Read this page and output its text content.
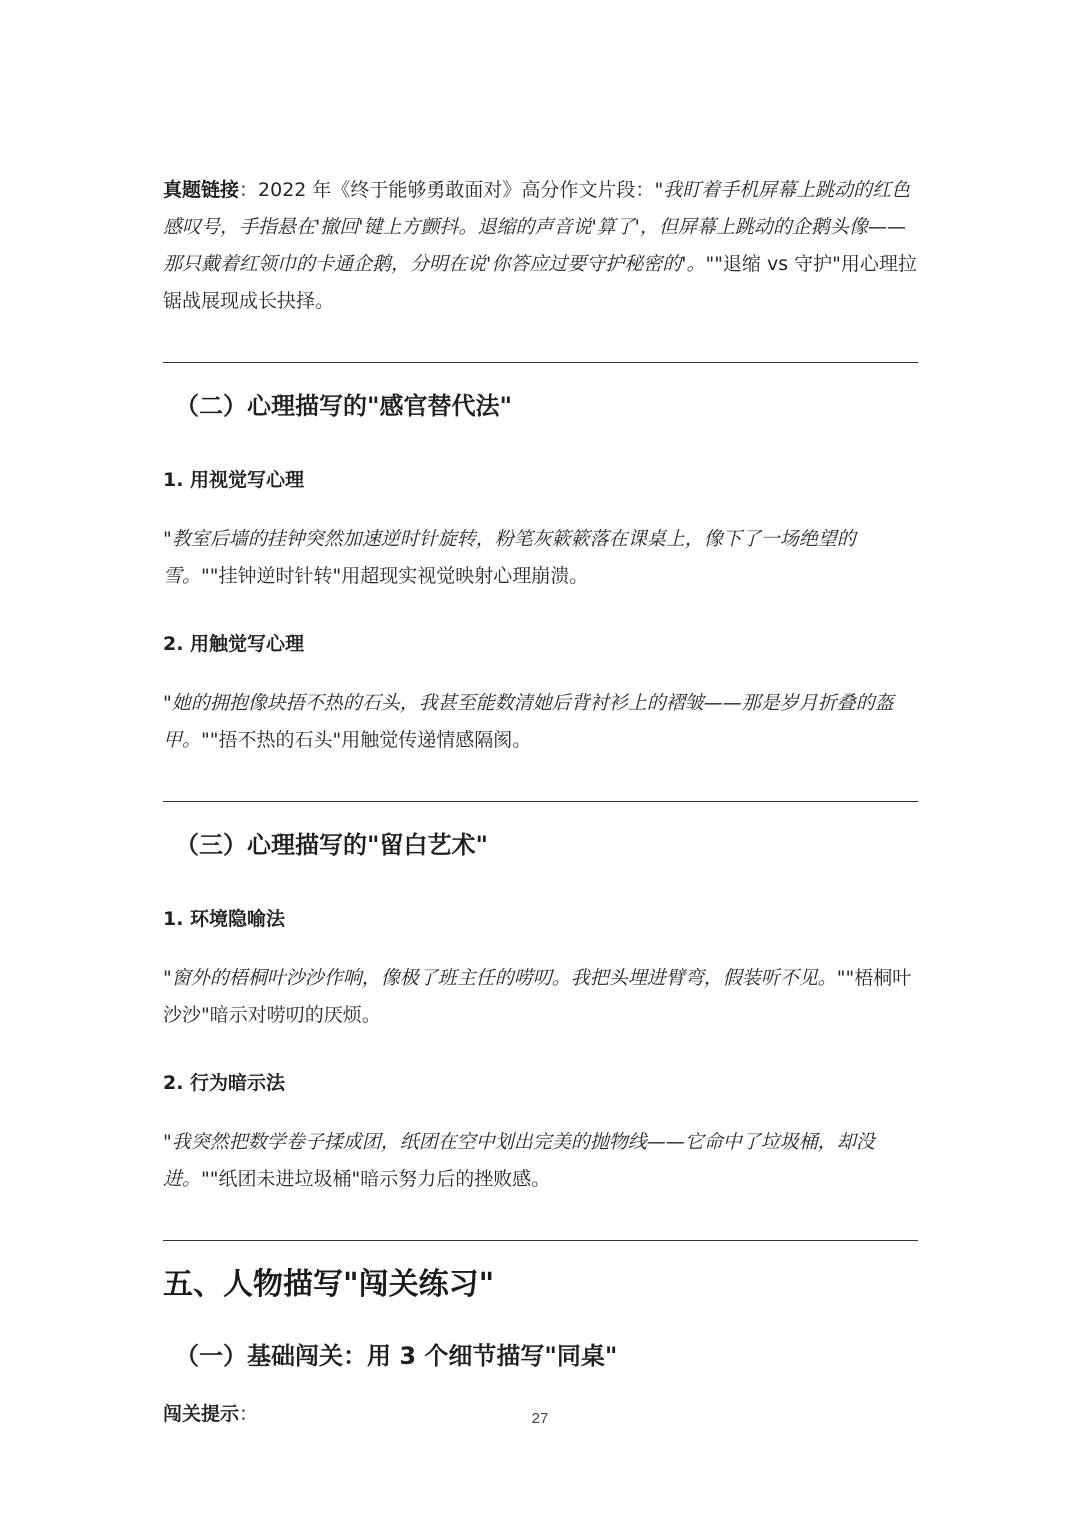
真题链接：2022 年《终于能够勇敢面对》高分作文片段："我盯着手机屏幕上跳动的红色感叹号，手指悬在'撤回'键上方颤抖。退缩的声音说'算了'，但屏幕上跳动的企鹅头像——那只戴着红领巾的卡通企鹅，分明在说'你答应过要守护秘密的'。""退缩 vs 守护"用心理拉锯战展现成长抉择。

（二）心理描写的"感官替代法"
1. 用视觉写心理

"教室后墙的挂钟突然加速逆时针旋转，粉笔灰簌簌落在课桌上，像下了一场绝望的雪。""挂钟逆时针转"用超现实视觉映射心理崩溃。

2. 用触觉写心理

"她的拥抱像块捂不热的石头，我甚至能数清她后背衬衫上的褶皱——那是岁月折叠的盔甲。""捂不热的石头"用触觉传递情感隔阂。

（三）心理描写的"留白艺术"
1. 环境隐喻法

"窗外的梧桐叶沙沙作响，像极了班主任的唠叨。我把头埋进臂弯，假装听不见。""梧桐叶沙沙"暗示对唠叨的厌烦。

2. 行为暗示法

"我突然把数学卷子揉成团，纸团在空中划出完美的抛物线——它命中了垃圾桶，却没进。""纸团未进垃圾桶"暗示努力后的挫败感。

五、人物描写"闯关练习"
（一）基础闯关：用 3 个细节描写"同桌"

闯关提示：	27
